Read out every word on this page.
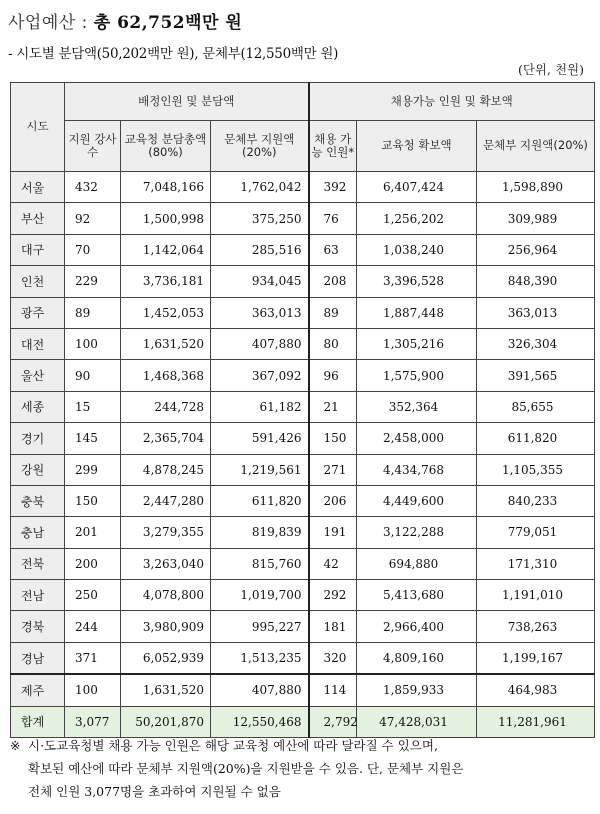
사업예산 : 총 62,752백만 원
- 시도별 분담액(50,202백만 원), 문체부(12,550백만 원)
(단위, 천원)
시도	배정인원 및 분담액			채용가능 인원 및 확보액		
	지원 강사수	교육청 분담총액(80%)	문체부 지원액(20%)	채용 가능 인원*	교육청 확보액	문체부 지원액(20%)
서울	432	7,048,166	1,762,042	392	6,407,424	1,598,890
부산	92	1,500,998	375,250	76	1,256,202	309,989
대구	70	1,142,064	285,516	63	1,038,240	256,964
인천	229	3,736,181	934,045	208	3,396,528	848,390
광주	89	1,452,053	363,013	89	1,887,448	363,013
대전	100	1,631,520	407,880	80	1,305,216	326,304
울산	90	1,468,368	367,092	96	1,575,900	391,565
세종	15	244,728	61,182	21	352,364	85,655
경기	145	2,365,704	591,426	150	2,458,000	611,820
강원	299	4,878,245	1,219,561	271	4,434,768	1,105,355
충북	150	2,447,280	611,820	206	4,449,600	840,233
충남	201	3,279,355	819,839	191	3,122,288	779,051
전북	200	3,263,040	815,760	42	694,880	171,310
전남	250	4,078,800	1,019,700	292	5,413,680	1,191,010
경북	244	3,980,909	995,227	181	2,966,400	738,263
경남	371	6,052,939	1,513,235	320	4,809,160	1,199,167
제주	100	1,631,520	407,880	114	1,859,933	464,983
합계	3,077	50,201,870	12,550,468	2,792	47,428,031	11,281,961
※ 시·도교육청별 채용 가능 인원은 해당 교육청 예산에 따라 달라질 수 있으며,
확보된 예산에 따라 문체부 지원액(20%)을 지원받을 수 있음. 단, 문체부 지원은
전체 인원 3,077명을 초과하여 지원될 수 없음
